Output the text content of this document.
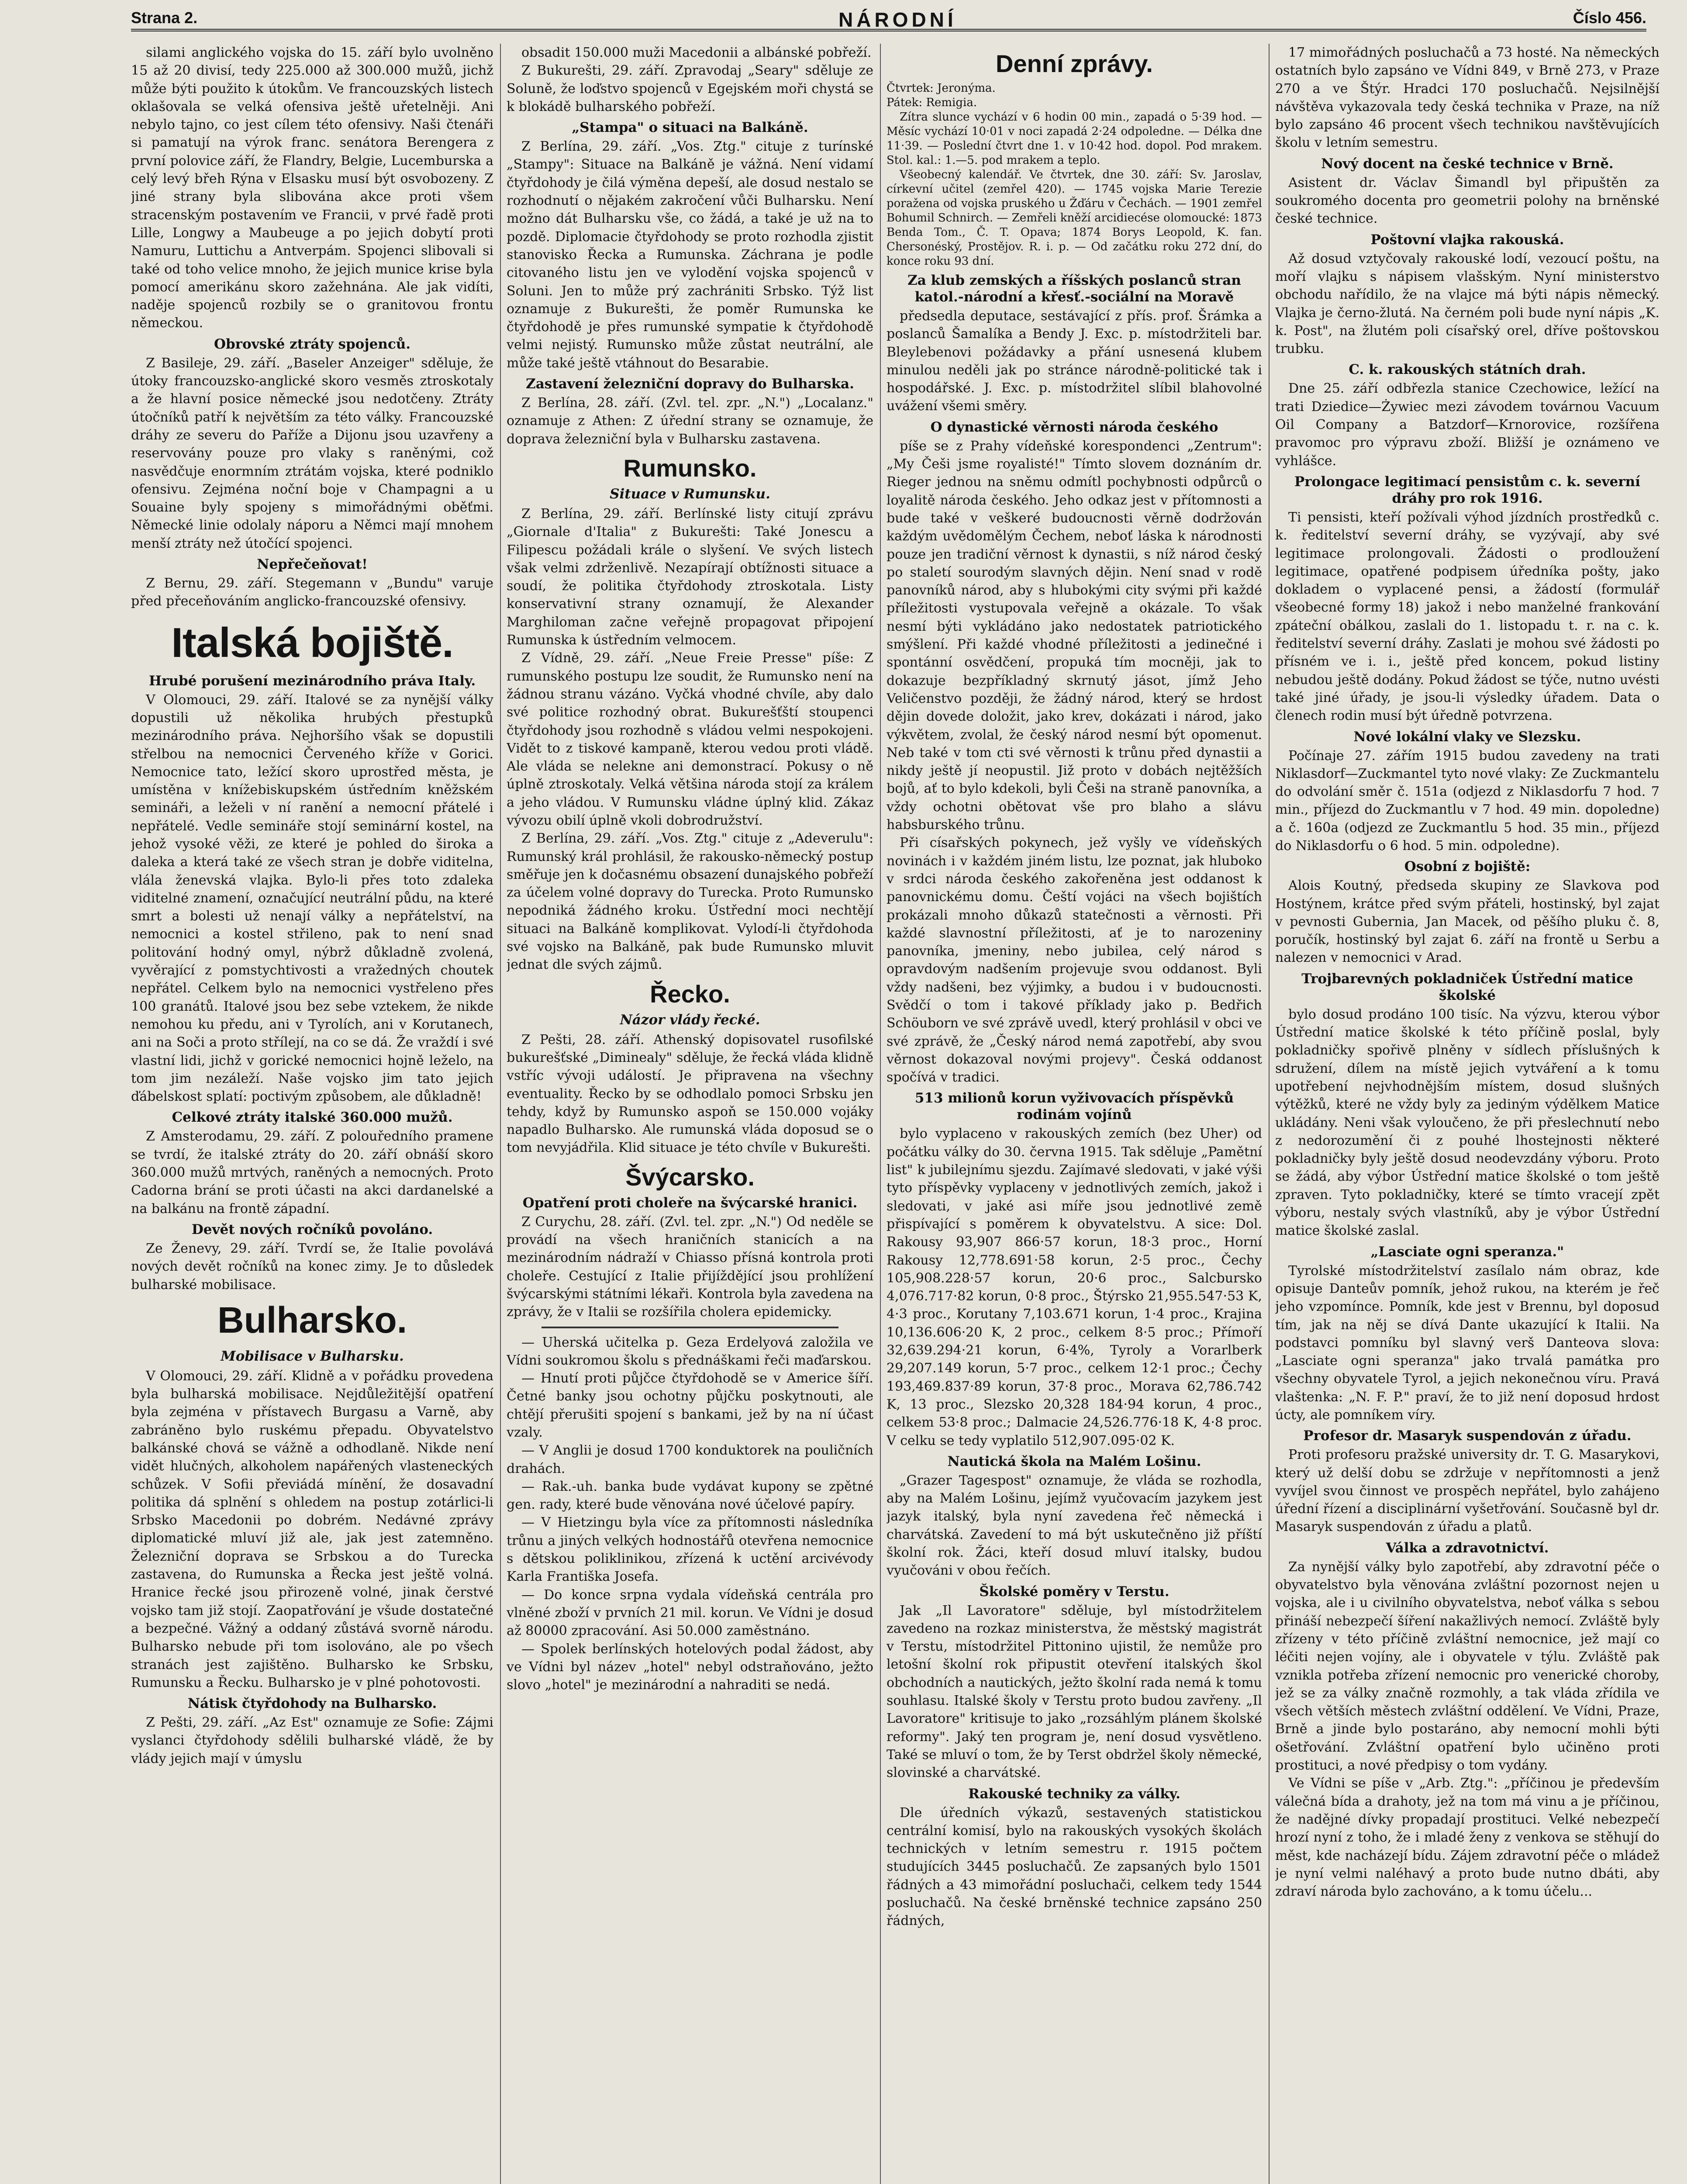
Strana 2.	NÁRODNÍ	Číslo 456.

silami anglického vojska do 15. září bylo uvolněno 15 až 20 divisí, tedy 225.000 až 300.000 mužů, jichž může býti použito k útokům. Ve francouzských listech oklašovala se velká ofensiva ještě uřetelněji. Ani nebylo tajno, co jest cílem této ofensivy. Naši čtenáři si pamatují na výrok franc. senátora Berengera z první polovice září, že Flandry, Belgie, Lucemburska a celý levý břeh Rýna v Elsasku musí být osvobozeny. Z jiné strany byla slibována akce proti všem stracenským postavením ve Francii, v prvé řadě proti Lille, Longwy a Maubeuge a po jejich dobytí proti Namuru, Luttichu a Antverpám. Spojenci slibovali si také od toho velice mnoho, že jejich munice krise byla pomocí amerikánu skoro zažehnána. Ale jak vidíti, naděje spojenců rozbily se o granitovou frontu německou.

Obrovské ztráty spojenců.

Z Basileje, 29. září. „Baseler Anzeiger" sděluje, že útoky francouzsko-anglické skoro vesměs ztroskotaly a že hlavní posice německé jsou nedotčeny. Ztráty útočníků patří k největším za této války. Francouzské dráhy ze severu do Paříže a Dijonu jsou uzavřeny a reservovány pouze pro vlaky s raněnými, což nasvědčuje enormním ztrátám vojska, které podniklo ofensivu. Zejména noční boje v Champagni a u Souaine byly spojeny s mimořádnými oběťmi. Německé linie odolaly náporu a Němci mají mnohem menší ztráty než útočící spojenci.

Nepřečeňovat!

Z Bernu, 29. září. Stegemann v „Bundu" varuje před přeceňováním anglicko-francouzské ofensivy.

Italská bojiště.
Hrubé porušení mezinárodního práva Italy.

V Olomouci, 29. září. Italové se za nynější války dopustili už několika hrubých přestupků mezinárodního práva. Nejhoršího však se dopustili střelbou na nemocnici Červeného kříže v Gorici. Nemocnice tato, ležící skoro uprostřed města, je umístěna v knížebiskupském ústředním kněžském semináři, a leželi v ní ranění a nemocní přátelé i nepřátelé. Vedle semináře stojí seminární kostel, na jehož vysoké věži, ze které je pohled do široka a daleka a která také ze všech stran je dobře viditelna, vlála ženevská vlajka. Bylo-li přes toto zdaleka viditelné znamení, označující neutrální půdu, na které smrt a bolesti už nenají války a nepřátelství, na nemocnici a kostel střileno, pak to není snad politování hodný omyl, nýbrž důkladně zvolená, vyvěrající z pomstychtivosti a vražedných choutek nepřátel. Celkem bylo na nemocnici vystřeleno přes 100 granátů. Italové jsou bez sebe vztekem, že nikde nemohou ku předu, ani v Tyrolích, ani v Korutanech, ani na Soči a proto střílejí, na co se dá. Že vraždí i své vlastní lidi, jichž v gorické nemocnici hojně leželo, na tom jim nezáleží. Naše vojsko jim tato jejich ďábelskost splatí: poctivým způsobem, ale důkladně!

Celkové ztráty italské 360.000 mužů.

Z Amsterodamu, 29. září. Z polouředního pramene se tvrdí, že italské ztráty do 20. září obnáší skoro 360.000 mužů mrtvých, raněných a nemocných. Proto Cadorna brání se proti účasti na akci dardanelské a na balkánu na frontě západní.

Devět nových ročníků povoláno.

Ze Ženevy, 29. září. Tvrdí se, že Italie povolává nových devět ročníků na konec zimy. Je to důsledek bulharské mobilisace.

Bulharsko.
Mobilisace v Bulharsku.

V Olomouci, 29. září. Klidně a v pořádku provedena byla bulharská mobilisace. Nejdůležitější opatření byla zejména v přístavech Burgasu a Varně, aby zabráněno bylo ruskému přepadu. Obyvatelstvo balkánské chová se vážně a odhodlaně. Nikde není vidět hlučných, alkoholem napářených vlasteneckých schůzek. V Sofii převiádá mínění, že dosavadní politika dá splnění s ohledem na postup zotárlici-li Srbsko Macedonii po dobrém. Nedávné zprávy diplomatické mluví již ale, jak jest zatemněno. Železniční doprava se Srbskou a do Turecka zastavena, do Rumunska a Řecka jest ještě volná. Hranice řecké jsou přirozeně volné, jinak čerstvé vojsko tam již stojí. Zaopatřování je všude dostatečné a bezpečné. Vážný a oddaný zůstává svorně národu. Bulharsko nebude při tom isolováno, ale po všech stranách jest zajištěno. Bulharsko ke Srbsku, Rumunsku a Řecku. Bulharsko je v plné pohotovosti.

Nátisk čtyřdohody na Bulharsko.

Z Pešti, 29. září. „Az Est" oznamuje ze Sofie: Zájmi vyslanci čtyřdohody sdělili bulharské vládě, že by vlády jejich mají v úmyslu

obsadit 150.000 muži Macedonii a albánské pobřeží.

Z Bukurešti, 29. září. Zpravodaj „Seary" sděluje ze Soluně, že loďstvo spojenců v Egejském moři chystá se k blokádě bulharského pobřeží.

„Stampa" o situaci na Balkáně.

Z Berlína, 29. září. „Vos. Ztg." cituje z turínské „Stampy": Situace na Balkáně je vážná. Není vidamí čtyřdohody je čilá výměna depeší, ale dosud nestalo se rozhodnutí o nějakém zakročení vůči Bulharsku. Není možno dát Bulharsku vše, co žádá, a také je už na to pozdě. Diplomacie čtyřdohody se proto rozhodla zjistit stanovisko Řecka a Rumunska. Záchrana je podle citovaného listu jen ve vylodění vojska spojenců v Soluni. Jen to může prý zachrániti Srbsko. Týž list oznamuje z Bukurešti, že poměr Rumunska ke čtyřdohodě je přes rumunské sympatie k čtyřdohodě velmi nejistý. Rumunsko může zůstat neutrální, ale může také ještě vtáhnout do Besarabie.

Zastavení železniční dopravy do Bulharska.

Z Berlína, 28. září. (Zvl. tel. zpr. „N.") „Localanz." oznamuje z Athen: Z úřední strany se oznamuje, že doprava železniční byla v Bulharsku zastavena.

Rumunsko.
Situace v Rumunsku.

Z Berlína, 29. září. Berlínské listy citují zprávu „Giornale d'Italia" z Bukurešti: Také Jonescu a Filipescu požádali krále o slyšení. Ve svých listech však velmi zdrženlivě. Nezapírají obtížnosti situace a soudí, že politika čtyřdohody ztroskotala. Listy konservativní strany oznamují, že Alexander Marghiloman začne veřejně propagovat připojení Rumunska k ústředním velmocem.

Z Vídně, 29. září. „Neue Freie Presse" píše: Z rumunského postupu lze soudit, že Rumunsko není na žádnou stranu vázáno. Vyčká vhodné chvíle, aby dalo své politice rozhodný obrat. Bukurešťští stoupenci čtyřdohody jsou rozhodně s vládou velmi nespokojeni. Vidět to z tiskové kampaně, kterou vedou proti vládě. Ale vláda se nelekne ani demonstrací. Pokusy o ně úplně ztroskotaly. Velká většina národa stojí za králem a jeho vládou. V Rumunsku vládne úplný klid. Zákaz vývozu obilí úplně vkoli dobrodružství.

Z Berlína, 29. září. „Vos. Ztg." cituje z „Adeverulu": Rumunský král prohlásil, že rakousko-německý postup směřuje jen k dočasnému obsazení dunajského pobřeží za účelem volné dopravy do Turecka. Proto Rumunsko nepodniká žádného kroku. Ústřední moci nechtějí situaci na Balkáně komplikovat. Vylodí-li čtyřdohoda své vojsko na Balkáně, pak bude Rumunsko mluvit jednat dle svých zájmů.

Řecko.
Názor vlády řecké.

Z Pešti, 28. září. Athenský dopisovatel rusofilské bukurešťské „Diminealy" sděluje, že řecká vláda klidně vstříc vývoji událostí. Je připravena na všechny eventuality. Řecko by se odhodlalo pomoci Srbsku jen tehdy, když by Rumunsko aspoň se 150.000 vojáky napadlo Bulharsko. Ale rumunská vláda doposud se o tom nevyjádřila. Klid situace je této chvíle v Bukurešti.

Švýcarsko.
Opatření proti choleře na švýcarské hranici.

Z Curychu, 28. září. (Zvl. tel. zpr. „N.") Od neděle se provádí na všech hraničních stanicích a na mezinárodním nádraží v Chiasso přísná kontrola proti choleře. Cestující z Italie přijíždějící jsou prohlížení švýcarskými státními lékaři. Kontrola byla zavedena na zprávy, že v Italii se rozšířila cholera epidemicky.

— Uherská učitelka p. Geza Erdelyová založila ve Vídni soukromou školu s přednáškami řeči maďarskou.

— Hnutí proti půjčce čtyřdohodě se v Americe šíří. Četné banky jsou ochotny půjčku poskytnouti, ale chtějí přerušiti spojení s bankami, jež by na ní účast vzaly.

— V Anglii je dosud 1700 konduktorek na pouličních drahách.

— Rak.-uh. banka bude vydávat kupony se zpětné gen. rady, které bude věnována nové účelové papíry.

— V Hietzingu byla více za přítomnosti následníka trůnu a jiných velkých hodnostářů otevřena nemocnice s dětskou poliklinikou, zřízená k uctění arcivévody Karla Františka Josefa.

— Do konce srpna vydala vídeňská centrála pro vlněné zboží v prvních 21 mil. korun. Ve Vídni je dosud až 80000 zpracování. Asi 50.000 zaměstnáno.

— Spolek berlínských hotelových podal žádost, aby ve Vídni byl název „hotel" nebyl odstraňováno, ježto slovo „hotel" je mezinárodní a nahraditi se nedá.

Denní zprávy.
Čtvrtek: Jeronýma.
Pátek: Remigia.

Zítra slunce vychází v 6 hodin 00 min., zapadá o 5·39 hod. — Měsíc vychází 10·01 v noci zapadá 2·24 odpoledne. — Délka dne 11·39. — Poslední čtvrt dne 1. v 10·42 hod. dopol. Pod mrakem. Stol. kal.: 1.—5. pod mrakem a teplo.

Všeobecný kalendář. Ve čtvrtek, dne 30. září: Sv. Jaroslav, církevní učitel (zemřel 420). — 1745 vojska Marie Terezie poražena od vojska pruského u Žďáru v Čechách. — 1901 zemřel Bohumil Schnirch. — Zemřeli kněží arcidiecése olomoucké: 1873 Benda Tom., Č. T. Opava; 1874 Borys Leopold, K. fan. Chersonéský, Prostějov. R. i. p. — Od začátku roku 272 dní, do konce roku 93 dní.

Za klub zemských a říšských poslanců stran katol.-národní a křesť.-sociální na Moravě

předsedla deputace, sestávající z přís. prof. Šrámka a poslanců Šamalíka a Bendy J. Exc. p. místodržiteli bar. Bleylebenovi požádavky a přání usnesená klubem minulou neděli jak po stránce národně-politické tak i hospodářské. J. Exc. p. místodržitel slíbil blahovolné uvážení všemi směry.

O dynastické věrnosti národa českého

píše se z Prahy vídeňské korespondenci „Zentrum": „My Češi jsme royalisté!" Tímto slovem doznáním dr. Rieger jednou na sněmu odmítl pochybnosti odpůrců o loyalitě národa českého. Jeho odkaz jest v přítomnosti a bude také v veškeré budoucnosti věrně dodržován každým uvědomělým Čechem, neboť láska k národnosti pouze jen tradiční věrnost k dynastii, s níž národ český po staletí sourodým slavných dějin. Není snad v rodě panovníků národ, aby s hlubokými city svými při každé příležitosti vystupovala veřejně a okázale. To však nesmí býti vykládáno jako nedostatek patriotického smýšlení. Při každé vhodné příležitosti a jedinečné i spontánní osvědčení, propuká tím mocněji, jak to dokazuje bezpříkladný skrnutý jásot, jímž Jeho Veličenstvo později, že žádný národ, který se hrdost dějin dovede doložit, jako krev, dokázati i národ, jako výkvětem, zvolal, že český národ nesmí být opomenut. Neb také v tom cti své věrnosti k trůnu před dynastii a nikdy ještě jí neopustil. Již proto v dobách nejtěžších bojů, ať to bylo kdekoli, byli Češi na straně panovníka, a vždy ochotni obětovat vše pro blaho a slávu habsburského trůnu.

Při císařských pokynech, jež vyšly ve vídeňských novinách i v každém jiném listu, lze poznat, jak hluboko v srdci národa českého zakořeněna jest oddanost k panovnickému domu. Čeští vojáci na všech bojištích prokázali mnoho důkazů statečnosti a věrnosti. Při každé slavnostní příležitosti, ať je to narozeniny panovníka, jmeniny, nebo jubilea, celý národ s opravdovým nadšením projevuje svou oddanost. Byli vždy nadšeni, bez výjimky, a budou i v budoucnosti. Svědčí o tom i takové příklady jako p. Bedřich Schöuborn ve své zprávě uvedl, který prohlásil v obci ve své zprávě, že „Český národ nemá zapotřebí, aby svou věrnost dokazoval novými projevy". Česká oddanost spočívá v tradici.

513 milionů korun vyživovacích příspěvků rodinám vojínů

bylo vyplaceno v rakouských zemích (bez Uher) od počátku války do 30. června 1915. Tak sděluje „Pamětní list" k jubilejnímu sjezdu. Zajímavé sledovati, v jaké výši tyto příspěvky vyplaceny v jednotlivých zemích, jakož i sledovati, v jaké asi míře jsou jednotlivé země přispívající s poměrem k obyvatelstvu. A sice: Dol. Rakousy 93,907 866·57 korun, 18·3 proc., Horní Rakousy 12,778.691·58 korun, 2·5 proc., Čechy 105,908.228·57 korun, 20·6 proc., Salcbursko 4,076.717·82 korun, 0·8 proc., Štýrsko 21,955.547·53 K, 4·3 proc., Korutany 7,103.671 korun, 1·4 proc., Krajina 10,136.606·20 K, 2 proc., celkem 8·5 proc.; Přímoří 32,639.294·21 korun, 6·4%, Tyroly a Vorarlberk 29,207.149 korun, 5·7 proc., celkem 12·1 proc.; Čechy 193,469.837·89 korun, 37·8 proc., Morava 62,786.742 K, 13 proc., Slezsko 20,328 184·94 korun, 4 proc., celkem 53·8 proc.; Dalmacie 24,526.776·18 K, 4·8 proc. V celku se tedy vyplatilo 512,907.095·02 K.

Nautická škola na Malém Lošinu.

„Grazer Tagespost" oznamuje, že vláda se rozhodla, aby na Malém Lošinu, jejímž vyučovacím jazykem jest jazyk italský, byla nyní zavedena řeč německá i charvátská. Zavedení to má být uskutečněno již příští školní rok. Žáci, kteří dosud mluví italsky, budou vyučováni v obou řečích.

Školské poměry v Terstu.

Jak „Il Lavoratore" sděluje, byl místodržitelem zavedeno na rozkaz ministerstva, že městský magistrát v Terstu, místodržitel Pittonino ujistil, že nemůže pro letošní školní rok připustit otevření italských škol obchodních a nautických, ježto školní rada nemá k tomu souhlasu. Italské školy v Terstu proto budou zavřeny. „Il Lavoratore" kritisuje to jako „rozsáhlým plánem školské reformy". Jaký ten program je, není dosud vysvětleno. Také se mluví o tom, že by Terst obdržel školy německé, slovinské a charvátské.

Rakouské techniky za války.

Dle úředních výkazů, sestavených statistickou centrální komisí, bylo na rakouských vysokých školách technických v letním semestru r. 1915 počtem studujících 3445 posluchačů. Ze zapsaných bylo 1501 řádných a 43 mimořádní posluchači, celkem tedy 1544 posluchačů. Na české brněnské technice zapsáno 250 řádných,

17 mimořádných posluchačů a 73 hosté. Na německých ostatních bylo zapsáno ve Vídni 849, v Brně 273, v Praze 270 a ve Štýr. Hradci 170 posluchačů. Nejsilnější návštěva vykazovala tedy česká technika v Praze, na níž bylo zapsáno 46 procent všech technikou navštěvujících školu v letním semestru.

Nový docent na české technice v Brně.

Asistent dr. Václav Šimandl byl připuštěn za soukromého docenta pro geometrii polohy na brněnské české technice.

Poštovní vlajka rakouská.

Až dosud vztyčovaly rakouské lodí, vezoucí poštu, na moří vlajku s nápisem vlašským. Nyní ministerstvo obchodu nařídilo, že na vlajce má býti nápis německý. Vlajka je černo-žlutá. Na černém poli bude nyní nápis „K. k. Post", na žlutém poli císařský orel, dříve poštovskou trubku.

C. k. rakouských státních drah.

Dne 25. září odbřezla stanice Czechowice, ležící na trati Dziedice—Żywiec mezi závodem továrnou Vacuum Oil Company a Batzdorf—Krnorovice, rozšířena pravomoc pro výpravu zboží. Bližší je oznámeno ve vyhlášce.

Prolongace legitimací pensistům c. k. severní dráhy pro rok 1916.

Ti pensisti, kteří požívali výhod jízdních prostředků c. k. ředitelství severní dráhy, se vyzývají, aby své legitimace prolongovali. Žádosti o prodloužení legitimace, opatřené podpisem úředníka pošty, jako dokladem o vyplacené pensi, a žádostí (formulář všeobecné formy 18) jakož i nebo manželné frankování zpáteční obálkou, zaslali do 1. listopadu t. r. na c. k. ředitelství severní dráhy. Zaslati je mohou své žádosti po přísném ve i. i., ještě před koncem, pokud listiny nebudou ještě dodány. Pokud žádost se týče, nutno uvésti také jiné úřady, je jsou-li výsledky úřadem. Data o členech rodin musí být úředně potvrzena.

Nové lokální vlaky ve Slezsku.

Počínaje 27. zářím 1915 budou zavedeny na trati Niklasdorf—Zuckmantel tyto nové vlaky: Ze Zuckmantelu do odvolání směr č. 151a (odjezd z Niklasdorfu 7 hod. 7 min., příjezd do Zuckmantlu v 7 hod. 49 min. dopoledne) a č. 160a (odjezd ze Zuckmantlu 5 hod. 35 min., příjezd do Niklasdorfu o 6 hod. 5 min. odpoledne).

Osobní z bojiště:

Alois Koutný, předseda skupiny ze Slavkova pod Hostýnem, krátce před svým přáteli, hostinský, byl zajat v pevnosti Gubernia, Jan Macek, od pěšího pluku č. 8, poručík, hostinský byl zajat 6. září na frontě u Serbu a nalezen v nemocnici v Arad.

Trojbarevných pokladniček Ústřední matice školské

bylo dosud prodáno 100 tisíc. Na výzvu, kterou výbor Ústřední matice školské k této příčině poslal, byly pokladničky spořivě plněny v sídlech příslušných k sdružení, dílem na místě jejich vytváření a k tomu upotřebení nejvhodnějším místem, dosud slušných výtěžků, které ne vždy byly za jediným výdělkem Matice ukládány. Neni však vyloučeno, že při přeslechnutí nebo z nedorozumění či z pouhé lhostejnosti některé pokladničky byly ještě dosud neodevzdány výboru. Proto se žádá, aby výbor Ústřední matice školské o tom ještě zpraven. Tyto pokladničky, které se tímto vracejí zpět výboru, nestaly svých vlastníků, aby je výbor Ústřední matice školské zaslal.

„Lasciate ogni speranza."

Tyrolské místodržitelství zasílalo nám obraz, kde opisuje Danteův pomník, jehož rukou, na kterém je řeč jeho vzpomínce. Pomník, kde jest v Brennu, byl doposud tím, jak na něj se dívá Dante ukazující k Italii. Na podstavci pomníku byl slavný verš Danteova slova: „Lasciate ogni speranza" jako trvalá památka pro všechny obyvatele Tyrol, a jejich nekonečnou víru. Pravá vlaštenka: „N. F. P." praví, že to již není doposud hrdost úcty, ale pomníkem víry.

Profesor dr. Masaryk suspendován z úřadu.

Proti profesoru pražské university dr. T. G. Masarykovi, který už delší dobu se zdržuje v nepřítomnosti a jenž vyvíjel svou činnost ve prospěch nepřátel, bylo zahájeno úřední řízení a disciplinární vyšetřování. Současně byl dr. Masaryk suspendován z úřadu a platů.

Válka a zdravotnictví.

Za nynější války bylo zapotřebí, aby zdravotní péče o obyvatelstvo byla věnována zvláštní pozornost nejen u vojska, ale i u civilního obyvatelstva, neboť válka s sebou přináší nebezpečí šíření nakažlivých nemocí. Zvláště byly zřízeny v této příčině zvláštní nemocnice, jež mají co léčiti nejen vojíny, ale i obyvatele v týlu. Zvláště pak vznikla potřeba zřízení nemocnic pro venerické choroby, jež se za války značně rozmohly, a tak vláda zřídila ve všech větších městech zvláštní oddělení. Ve Vídni, Praze, Brně a jinde bylo postaráno, aby nemocní mohli býti ošetřování. Zvláštní opatření bylo učiněno proti prostituci, a nové předpisy o tom vydány.

Ve Vídni se píše v „Arb. Ztg.": „příčinou je především válečná bída a drahoty, jež na tom má vinu a je příčinou, že nadějné dívky propadají prostituci. Velké nebezpečí hrozí nyní z toho, že i mladé ženy z venkova se stěhují do měst, kde nacházejí bídu. Zájem zdravotní péče o mládež je nyní velmi naléhavý a proto bude nutno dbáti, aby zdraví národa bylo zachováno, a k tomu účelu...
